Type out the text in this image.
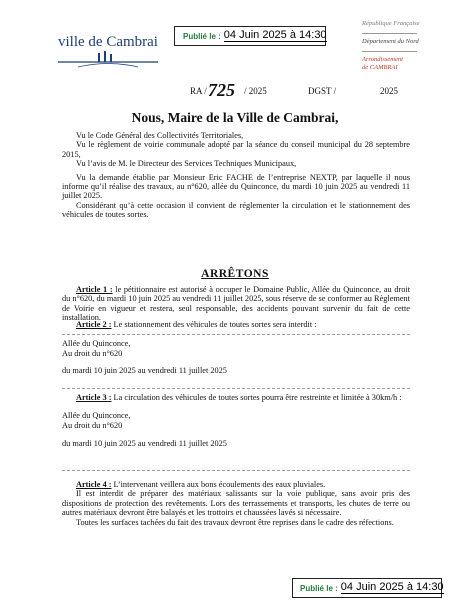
Publié le : 04 Juin 2025 à 14:30
ville de Cambrai
République Française
Département du Nord
Arrondissement
de CAMBRAI
RA / 725 / 2025	DGST /	2025
Nous, Maire de la Ville de Cambrai,
Vu le Code Général des Collectivités Territoriales,
Vu le règlement de voirie communale adopté par la séance du conseil municipal du 28 septembre 2015,
Vu l’avis de M. le Directeur des Services Techniques Municipaux,
Vu la demande établie par Monsieur Eric FACHE de l’entreprise NEXTP, par laquelle il nous informe qu’il réalise des travaux, au n°620, allée du Quinconce, du mardi 10 juin 2025 au vendredi 11 juillet 2025.
Considérant qu’à cette occasion il convient de réglementer la circulation et le stationnement des véhicules de toutes sortes.
ARRÊTONS
Article 1 : le pétitionnaire est autorisé à occuper le Domaine Public, Allée du Quinconce, au droit du n°620, du mardi 10 juin 2025 au vendredi 11 juillet 2025, sous réserve de se conformer au Règlement de Voirie en vigueur et restera, seul responsable, des accidents pouvant survenir du fait de cette installation.
Article 2 : Le stationnement des véhicules de toutes sortes sera interdit :
Allée du Quinconce,
Au droit du n°620
du mardi 10 juin 2025 au vendredi 11 juillet 2025
Article 3 : La circulation des véhicules de toutes sortes pourra être restreinte et limitée à 30km/h :
Allée du Quinconce,
Au droit du n°620
du mardi 10 juin 2025 au vendredi 11 juillet 2025
Article 4 : L’intervenant veillera aux bons écoulements des eaux pluviales.
Il est interdit de préparer des matériaux salissants sur la voie publique, sans avoir pris des dispositions de protection des revêtements. Lors des terrassements et transports, les chutes de terre ou autres matériaux devront être balayés et les trottoirs et chaussées lavés si nécessaire.
Toutes les surfaces tachées du fait des travaux devront être reprises dans le cadre des réfections.
Publié le : 04 Juin 2025 à 14:30
